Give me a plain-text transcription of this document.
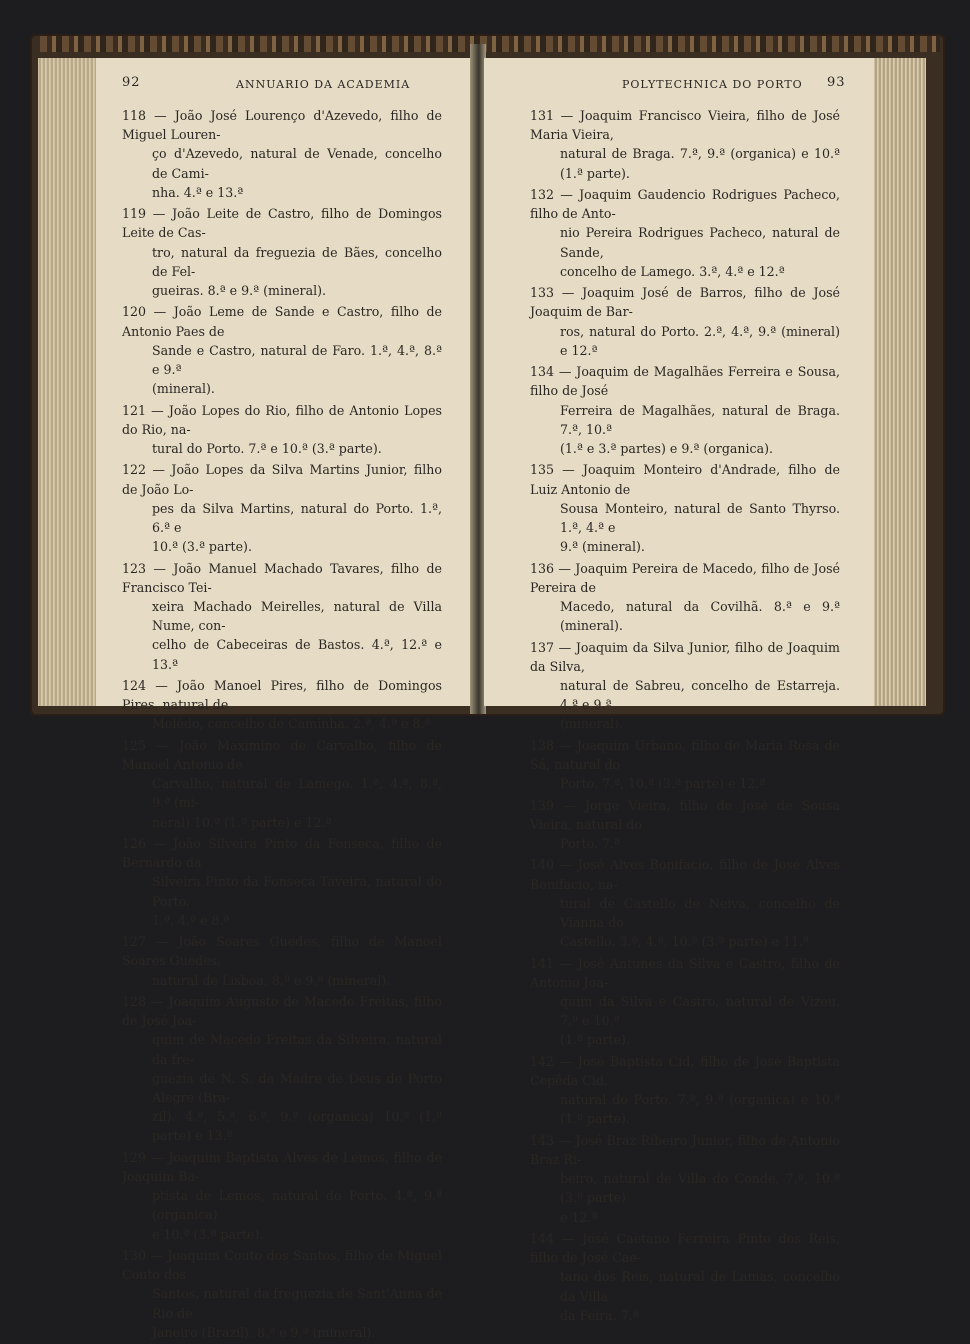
92	ANNUARIO DA ACADEMIA
118 — João José Lourenço d'Azevedo, filho de Miguel Louren-
ço d'Azevedo, natural de Venade, concelho de Cami-
nha. 4.ª e 13.ª
119 — João Leite de Castro, filho de Domingos Leite de Cas-
tro, natural da freguezia de Bães, concelho de Fel-
gueiras. 8.ª e 9.ª (mineral).
120 — João Leme de Sande e Castro, filho de Antonio Paes de
Sande e Castro, natural de Faro. 1.ª, 4.ª, 8.ª e 9.ª
(mineral).
121 — João Lopes do Rio, filho de Antonio Lopes do Rio, na-
tural do Porto. 7.ª e 10.ª (3.ª parte).
122 — João Lopes da Silva Martins Junior, filho de João Lo-
pes da Silva Martins, natural do Porto. 1.ª, 6.ª e
10.ª (3.ª parte).
123 — João Manuel Machado Tavares, filho de Francisco Tei-
xeira Machado Meirelles, natural de Villa Nume, con-
celho de Cabeceiras de Bastos. 4.ª, 12.ª e 13.ª
124 — João Manoel Pires, filho de Domingos Pires, natural de
Molêdo, concelho de Caminha. 2.ª, 4.ª e 8.ª
125 — João Maximino de Carvalho, filho de Manoel Antonio de
Carvalho, natural de Lamego. 1.ª, 4.ª, 8.ª, 9.ª (mi-
neral) 10.ª (1.ª parte) e 12.ª
126 — João Silveira Pinto da Fonseca, filho de Bernardo da
Silveira Pinto da Fonseca Taveira, natural do Porto.
1.ª, 4.ª e 8.ª
127 — João Soares Guedes, filho de Manoel Soares Guedes,
natural de Lisboa. 8.ª e 9.ª (mineral).
128 — Joaquim Augusto de Macedo Freitas, filho de José Joa-
quim de Macedo Freitas da Silveira, natural da fre-
guezia de N. S. da Madre de Deus de Porto Alegre (Bra-
zil). 4.ª, 5.ª, 6.ª, 9.ª (organica) 10.ª (1.ª parte) e 13.ª
129 — Joaquim Baptista Alves de Lemos, filho de Joaquim Ba-
ptista de Lemos, natural do Porto. 4.ª, 9.ª (organica)
e 10.ª (3.ª parte).
130 — Joaquim Couto dos Santos, filho de Miguel Couto dos
Santos, natural da freguezia de Sant'Anna de Rio de
Janeiro (Brazil). 8.ª e 9.ª (mineral).
POLYTECHNICA DO PORTO 93
131 — Joaquim Francisco Vieira, filho de José Maria Vieira,
natural de Braga. 7.ª, 9.ª (organica) e 10.ª (1.ª parte).
132 — Joaquim Gaudencio Rodrigues Pacheco, filho de Anto-
nio Pereira Rodrigues Pacheco, natural de Sande,
concelho de Lamego. 3.ª, 4.ª e 12.ª
133 — Joaquim José de Barros, filho de José Joaquim de Bar-
ros, natural do Porto. 2.ª, 4.ª, 9.ª (mineral) e 12.ª
134 — Joaquim de Magalhães Ferreira e Sousa, filho de José
Ferreira de Magalhães, natural de Braga. 7.ª, 10.ª
(1.ª e 3.ª partes) e 9.ª (organica).
135 — Joaquim Monteiro d'Andrade, filho de Luiz Antonio de
Sousa Monteiro, natural de Santo Thyrso. 1.ª, 4.ª e
9.ª (mineral).
136 — Joaquim Pereira de Macedo, filho de José Pereira de
Macedo, natural da Covilhã. 8.ª e 9.ª (mineral).
137 — Joaquim da Silva Junior, filho de Joaquim da Silva,
natural de Sabreu, concelho de Estarreja. 4.ª e 9.ª
(mineral).
138 — Joaquim Urbano, filho de Maria Rosa de Sá, natural do
Porto. 7.ª, 10.ª (3.ª parte) e 12.ª
139 — Jorge Vieira, filho de José de Sousa Vieira, natural do
Porto. 7.ª
140 — José Alves Bonifacio, filho de José Alves Bonifacio, na-
tural de Castello de Neiva, concelho de Vianna do
Castello. 3.ª, 4.ª, 10.ª (3.ª parte) e 11.ª
141 — José Antunes da Silva e Castro, filho de Antonio Joa-
quim da Silva e Castro, natural de Vizeu. 7.ª e 10.ª
(1.ª parte).
142 — José Baptista Cid, filho de José Baptista Cepêda Cid,
natural do Porto. 7.ª, 9.ª (organica) e 10.ª (1.ª parte).
143 — José Braz Ribeiro Junior, filho de Antonio Braz Ri-
beiro, natural de Villa do Conde, 7.ª, 10.ª (3.ª parte)
e 12.ª
144 — José Caetano Ferreira Pinto dos Reis, filho de José Cae-
tano dos Reis, natural de Lamas, concelho da Villa
da Feira. 7.ª
